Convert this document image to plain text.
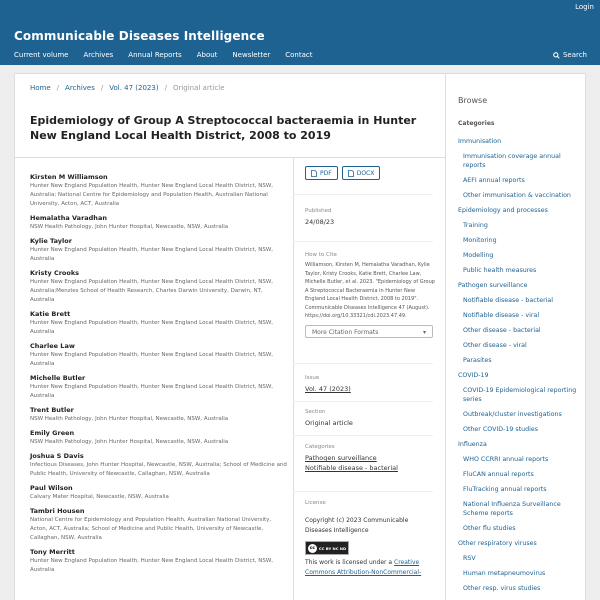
Login
Communicable Diseases Intelligence
Current volume Archives Annual Reports About Newsletter Contact	Search
Home / Archives / Vol. 47 (2023) / Original article
Epidemiology of Group A Streptococcal bacteraemia in Hunter New England Local Health District, 2008 to 2019
Kirsten M Williamson
Hunter New England Population Health, Hunter New England Local Health District, NSW, Australia; National Centre for Epidemiology and Population Health, Australian National University, Acton, ACT, Australia
Hemalatha Varadhan
NSW Health Pathology, John Hunter Hospital, Newcastle, NSW, Australia
Kylie Taylor
Hunter New England Population Health, Hunter New England Local Health District, NSW, Australia
Kristy Crooks
Hunter New England Population Health, Hunter New England Local Health District, NSW, Australia;Menzies School of Health Research, Charles Darwin University, Darwin, NT, Australia
Katie Brett
Hunter New England Population Health, Hunter New England Local Health District, NSW, Australia
Charlee Law
Hunter New England Population Health, Hunter New England Local Health District, NSW, Australia
Michelle Butler
Hunter New England Population Health, Hunter New England Local Health District, NSW, Australia
Trent Butler
NSW Health Pathology, John Hunter Hospital, Newcastle, NSW, Australia
Emily Green
NSW Health Pathology, John Hunter Hospital, Newcastle, NSW, Australia
Joshua S Davis
Infectious Diseases, John Hunter Hospital, Newcastle, NSW, Australia; School of Medicine and Public Health, University of Newcastle, Callaghan, NSW, Australia
Paul Wilson
Calvary Mater Hospital, Newcastle, NSW, Australia
Tambri Housen
National Centre for Epidemiology and Population Health, Australian National University, Acton, ACT, Australia; School of Medicine and Public Health, University of Newcastle, Callaghan, NSW, Australia
Tony Merritt
Hunter New England Population Health, Hunter New England Local Health District, NSW, Australia
PDF	DOCX
Published
24/08/23
How to Cite
Williamson, Kirsten M, Hemalatha Varadhan, Kylie Taylor, Kristy Crooks, Katie Brett, Charlee Law, Michelle Butler, et al. 2023. "Epidemiology of Group A Streptococcal Bacteraemia in Hunter New England Local Health District, 2008 to 2019". Communicable Diseases Intelligence 47 (August). https://doi.org/10.33321/cdi.2023.47.49.
More Citation Formats	▾
Issue
Vol. 47 (2023)
Section
Original article
Categories
Pathogen surveillance
Notifiable disease - bacterial
License
Copyright (c) 2023 Communicable Diseases Intelligence
cc	CC BY NC ND
This work is licensed under a Creative Commons Attribution-NonCommercial-
Browse
Categories
Immunisation
Immunisation coverage annual reports
AEFI annual reports
Other immunisation & vaccination
Epidemiology and processes
Training
Monitoring
Modelling
Public health measures
Pathogen surveillance
Notifiable disease - bacterial
Notifiable disease - viral
Other disease - bacterial
Other disease - viral
Parasites
COVID-19
COVID-19 Epidemiological reporting series
Outbreak/cluster investigations
Other COVID-19 studies
Influenza
WHO CCRRI annual reports
FluCAN annual reports
FluTracking annual reports
National Influenza Surveillance Scheme reports
Other flu studies
Other respiratory viruses
RSV
Human metapneumovirus
Other resp. virus studies
